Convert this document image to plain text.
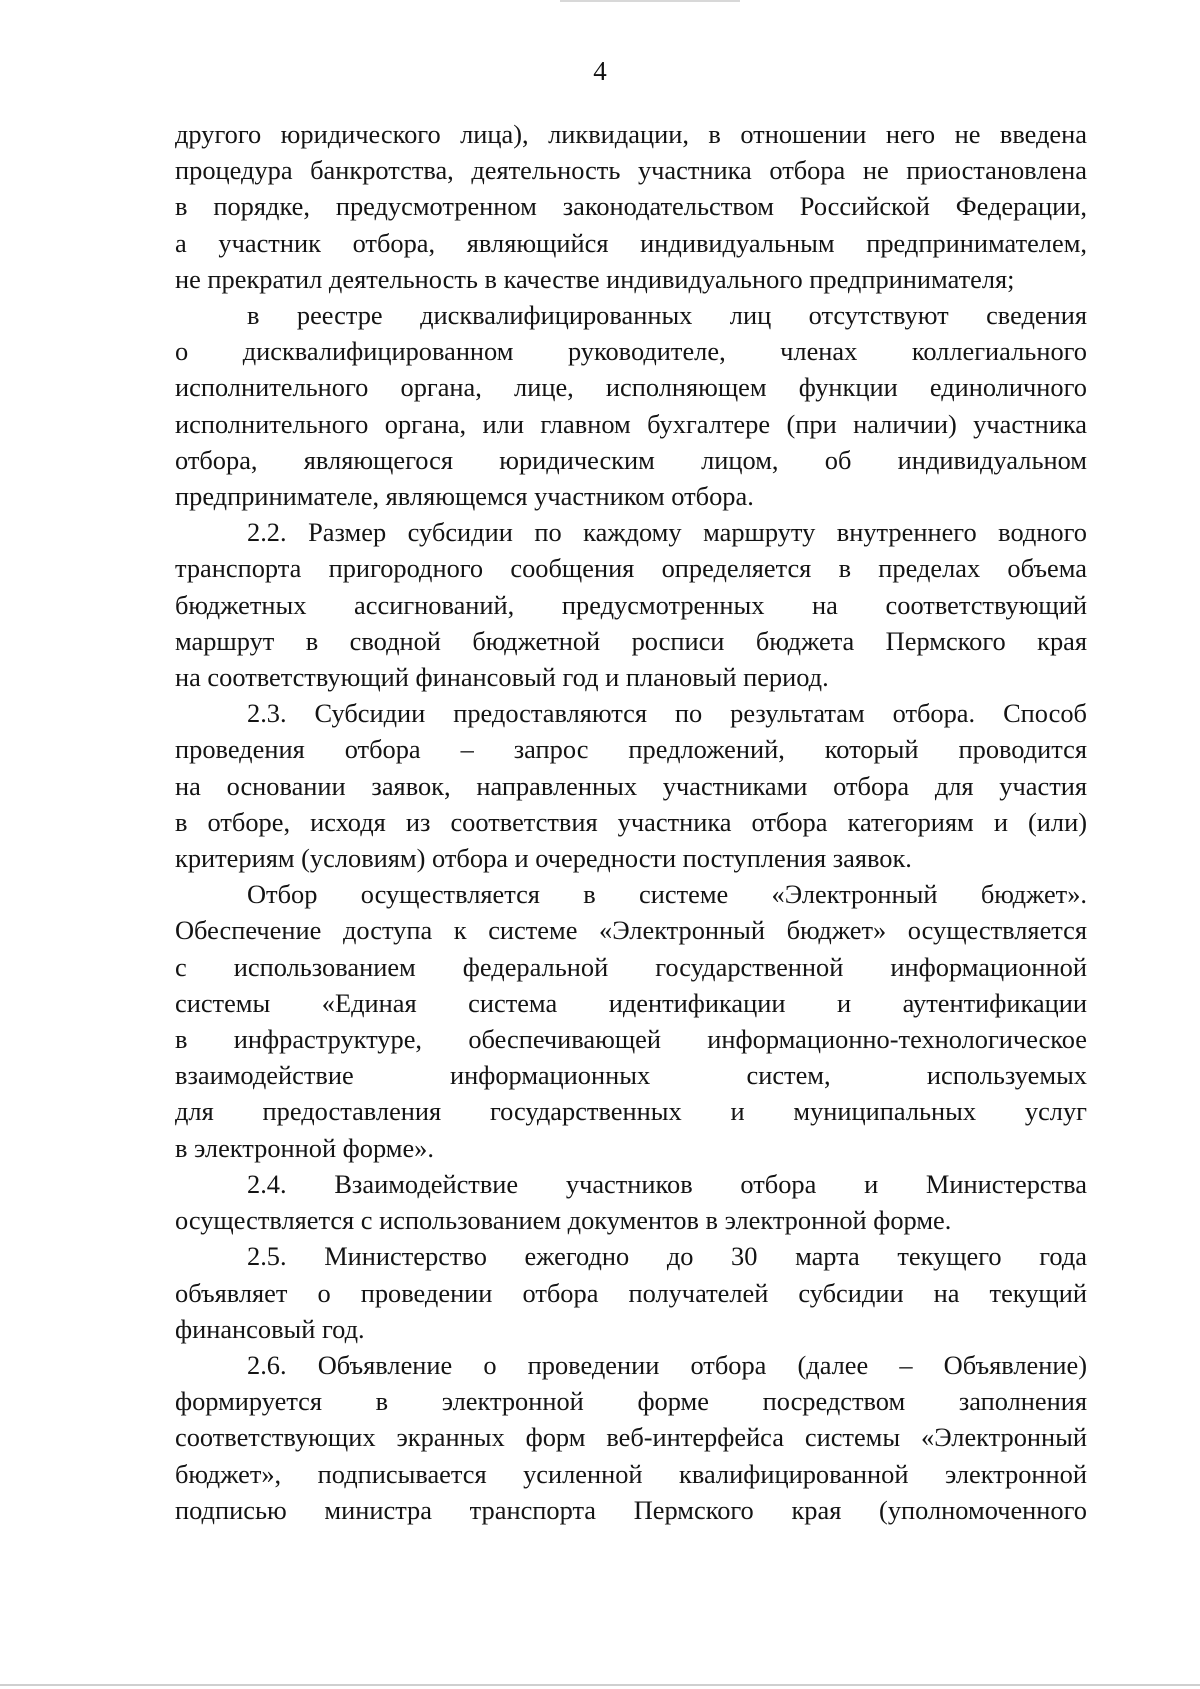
4

другого юридического лица), ликвидации, в отношении него не введена

процедура банкротства, деятельность участника отбора не приостановлена

в порядке, предусмотренном законодательством Российской Федерации,

а участник отбора, являющийся индивидуальным предпринимателем,

не прекратил деятельность в качестве индивидуального предпринимателя;

в реестре дисквалифицированных лиц отсутствуют сведения

о дисквалифицированном руководителе, членах коллегиального

исполнительного органа, лице, исполняющем функции единоличного

исполнительного органа, или главном бухгалтере (при наличии) участника

отбора, являющегося юридическим лицом, об индивидуальном

предпринимателе, являющемся участником отбора.

2.2. Размер субсидии по каждому маршруту внутреннего водного

транспорта пригородного сообщения определяется в пределах объема

бюджетных ассигнований, предусмотренных на соответствующий

маршрут в сводной бюджетной росписи бюджета Пермского края

на соответствующий финансовый год и плановый период.

2.3. Субсидии предоставляются по результатам отбора. Способ

проведения отбора – запрос предложений, который проводится

на основании заявок, направленных участниками отбора для участия

в отборе, исходя из соответствия участника отбора категориям и (или)

критериям (условиям) отбора и очередности поступления заявок.

Отбор осуществляется в системе «Электронный бюджет».

Обеспечение доступа к системе «Электронный бюджет» осуществляется

с использованием федеральной государственной информационной

системы «Единая система идентификации и аутентификации

в инфраструктуре, обеспечивающей информационно-технологическое

взаимодействие информационных систем, используемых

для предоставления государственных и муниципальных услуг

в электронной форме».

2.4. Взаимодействие участников отбора и Министерства

осуществляется с использованием документов в электронной форме.

2.5. Министерство ежегодно до 30 марта текущего года

объявляет о проведении отбора получателей субсидии на текущий

финансовый год.

2.6. Объявление о проведении отбора (далее – Объявление)

формируется в электронной форме посредством заполнения

соответствующих экранных форм веб-интерфейса системы «Электронный

бюджет», подписывается усиленной квалифицированной электронной

подписью министра транспорта Пермского края (уполномоченного
